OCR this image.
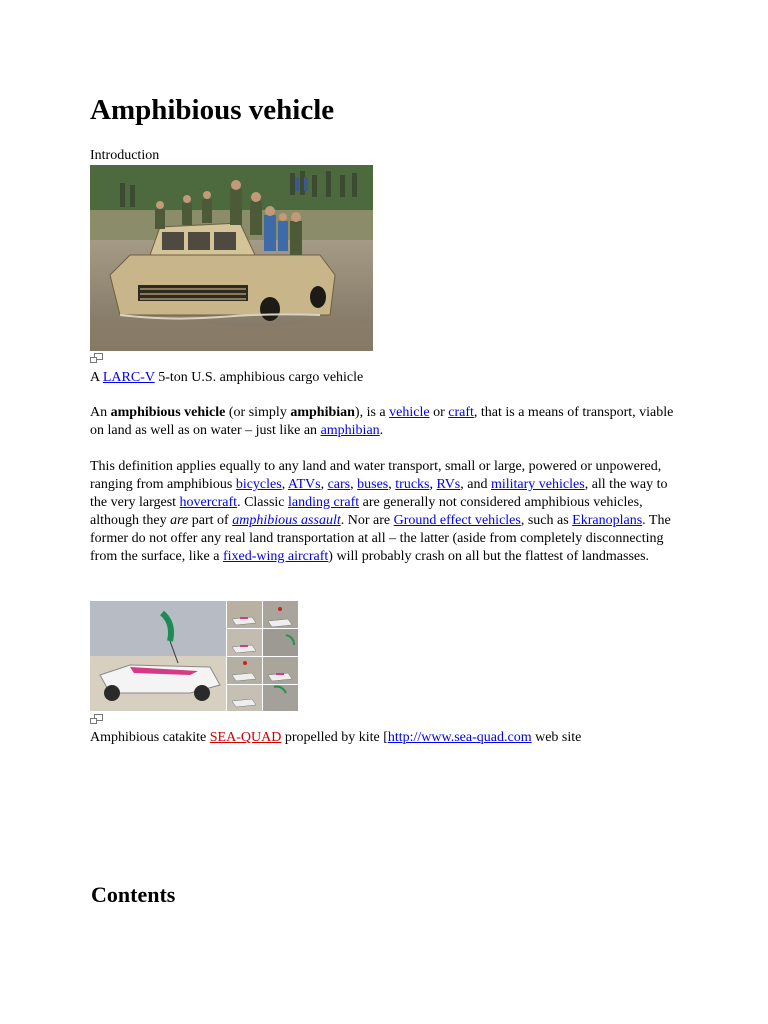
Amphibious vehicle
Introduction
A LARC-V 5-ton U.S. amphibious cargo vehicle

An amphibious vehicle (or simply amphibian), is a vehicle or craft, that is a means of transport, viable on land as well as on water – just like an amphibian.

This definition applies equally to any land and water transport, small or large, powered or unpowered, ranging from amphibious bicycles, ATVs, cars, buses, trucks, RVs, and military vehicles, all the way to the very largest hovercraft. Classic landing craft are generally not considered amphibious vehicles, although they are part of amphibious assault. Nor are Ground effect vehicles, such as Ekranoplans. The former do not offer any real land transportation at all – the latter (aside from completely disconnecting from the surface, like a fixed-wing aircraft) will probably crash on all but the flattest of landmasses.

Amphibious catakite SEA-QUAD propelled by kite [http://www.sea-quad.com web site
Contents
